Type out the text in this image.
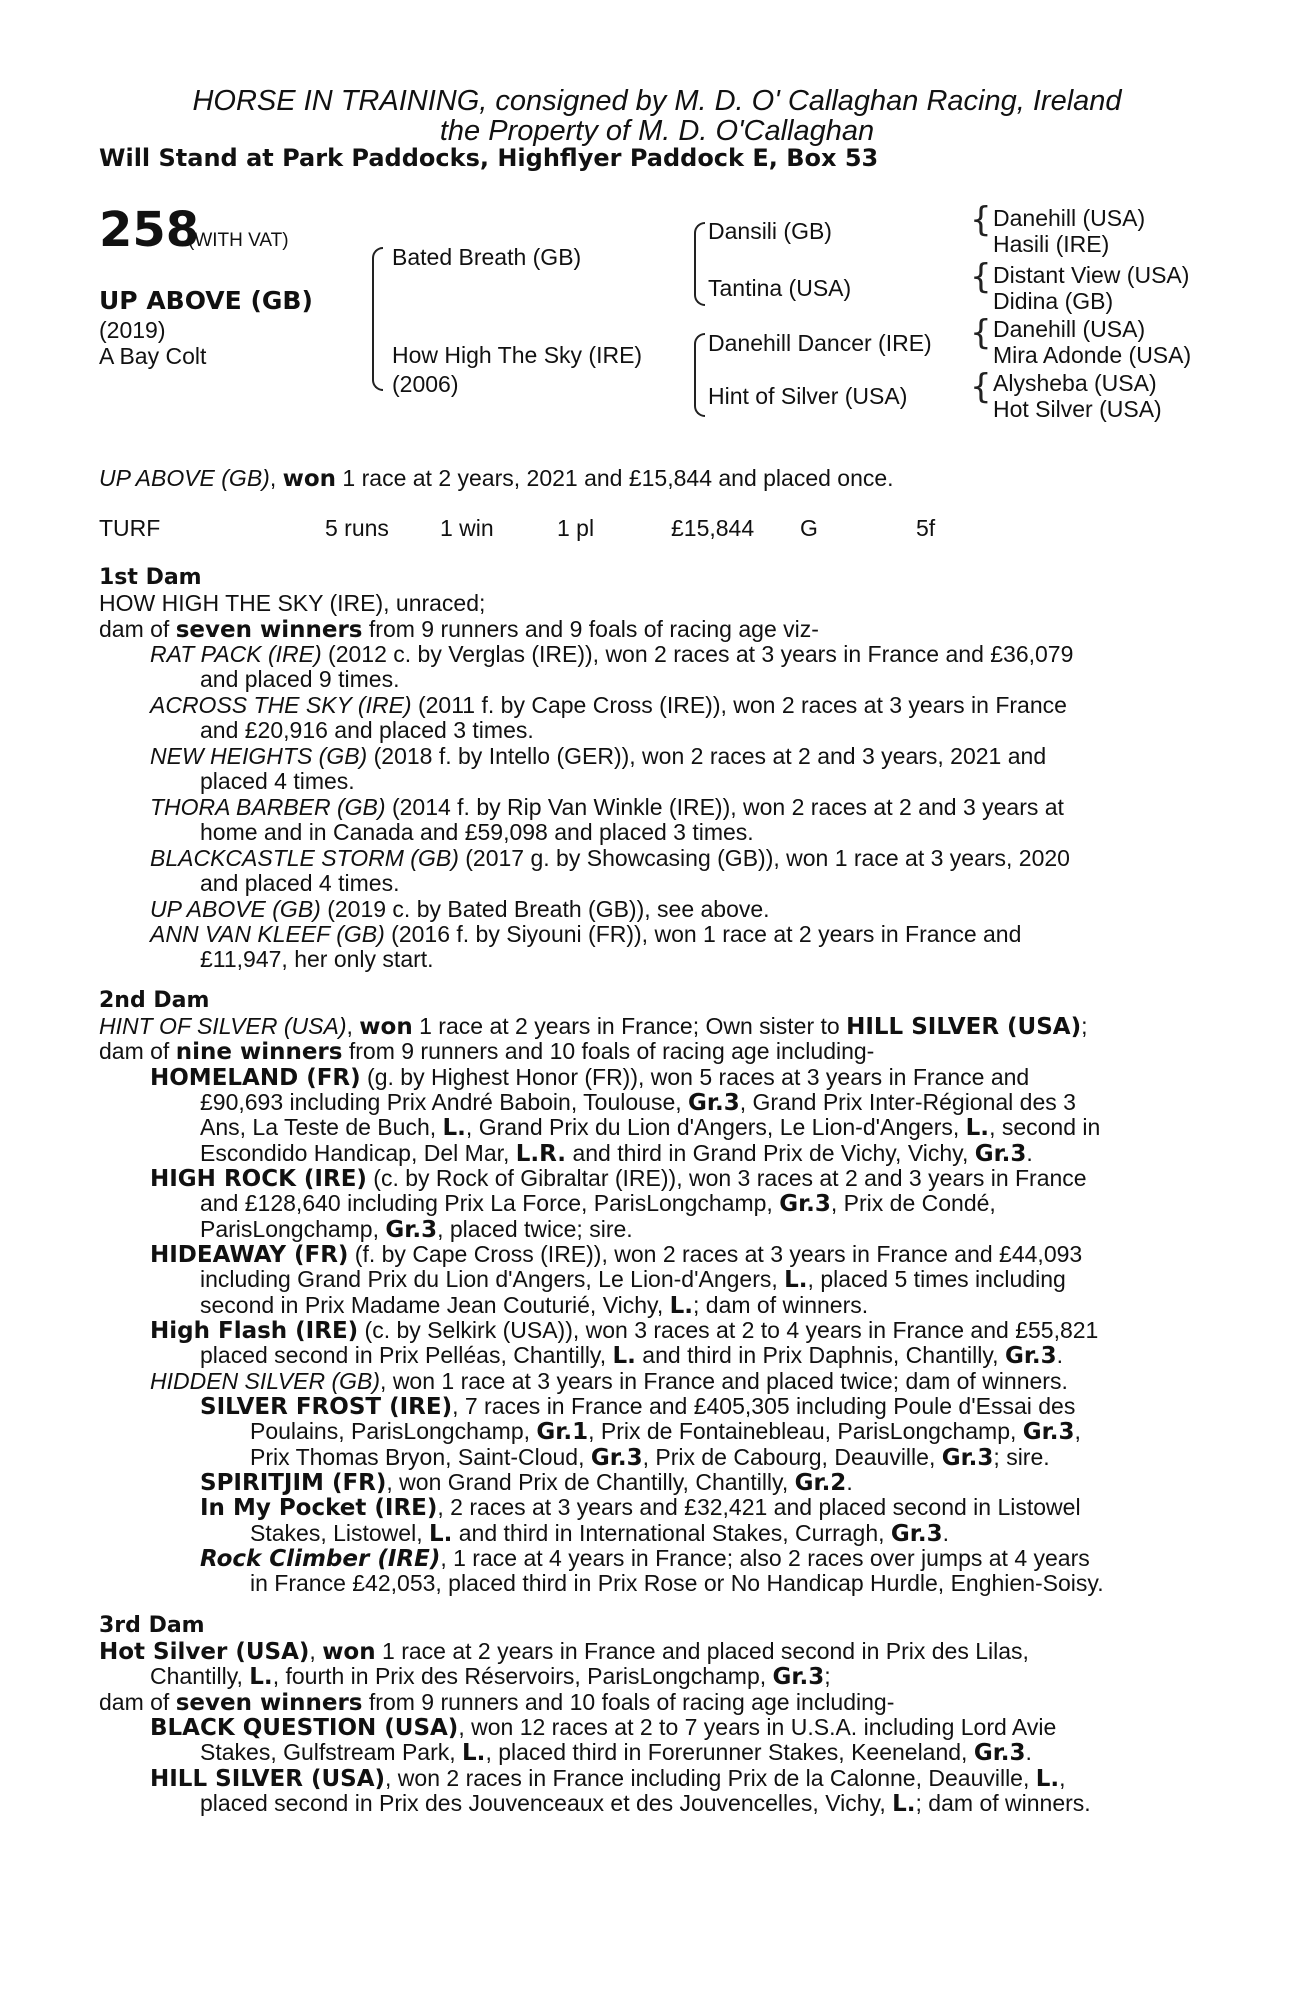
HORSE IN TRAINING, consigned by M. D. O' Callaghan Racing, Ireland
the Property of M. D. O'Callaghan
Will Stand at Park Paddocks, Highflyer Paddock E, Box 53
258
(WITH VAT)
UP ABOVE (GB)
(2019)
A Bay Colt
Bated Breath (GB)
How High The Sky (IRE)
(2006)
Dansili (GB)
Tantina (USA)
Danehill Dancer (IRE)
Hint of Silver (USA)
{ Danehill (USA)
Hasili (IRE)
{ Distant View (USA)
Didina (GB)
{ Danehill (USA)
Mira Adonde (USA)
{ Alysheba (USA)
Hot Silver (USA)
UP ABOVE (GB), won 1 race at 2 years, 2021 and £15,844 and placed once.
TURF	5 runs 1 win	1 pl	£15,844 G	5f
1st Dam
HOW HIGH THE SKY (IRE), unraced;
dam of seven winners from 9 runners and 9 foals of racing age viz-
RAT PACK (IRE) (2012 c. by Verglas (IRE)), won 2 races at 3 years in France and £36,079
and placed 9 times.
ACROSS THE SKY (IRE) (2011 f. by Cape Cross (IRE)), won 2 races at 3 years in France
and £20,916 and placed 3 times.
NEW HEIGHTS (GB) (2018 f. by Intello (GER)), won 2 races at 2 and 3 years, 2021 and
placed 4 times.
THORA BARBER (GB) (2014 f. by Rip Van Winkle (IRE)), won 2 races at 2 and 3 years at
home and in Canada and £59,098 and placed 3 times.
BLACKCASTLE STORM (GB) (2017 g. by Showcasing (GB)), won 1 race at 3 years, 2020
and placed 4 times.
UP ABOVE (GB) (2019 c. by Bated Breath (GB)), see above.
ANN VAN KLEEF (GB) (2016 f. by Siyouni (FR)), won 1 race at 2 years in France and
£11,947, her only start.
2nd Dam
HINT OF SILVER (USA), won 1 race at 2 years in France; Own sister to HILL SILVER (USA);
dam of nine winners from 9 runners and 10 foals of racing age including-
HOMELAND (FR) (g. by Highest Honor (FR)), won 5 races at 3 years in France and
£90,693 including Prix André Baboin, Toulouse, Gr.3, Grand Prix Inter-Régional des 3
Ans, La Teste de Buch, L., Grand Prix du Lion d'Angers, Le Lion-d'Angers, L., second in
Escondido Handicap, Del Mar, L.R. and third in Grand Prix de Vichy, Vichy, Gr.3.
HIGH ROCK (IRE) (c. by Rock of Gibraltar (IRE)), won 3 races at 2 and 3 years in France
and £128,640 including Prix La Force, ParisLongchamp, Gr.3, Prix de Condé,
ParisLongchamp, Gr.3, placed twice; sire.
HIDEAWAY (FR) (f. by Cape Cross (IRE)), won 2 races at 3 years in France and £44,093
including Grand Prix du Lion d'Angers, Le Lion-d'Angers, L., placed 5 times including
second in Prix Madame Jean Couturié, Vichy, L.; dam of winners.
High Flash (IRE) (c. by Selkirk (USA)), won 3 races at 2 to 4 years in France and £55,821
placed second in Prix Pelléas, Chantilly, L. and third in Prix Daphnis, Chantilly, Gr.3.
HIDDEN SILVER (GB), won 1 race at 3 years in France and placed twice; dam of winners.
SILVER FROST (IRE), 7 races in France and £405,305 including Poule d'Essai des
Poulains, ParisLongchamp, Gr.1, Prix de Fontainebleau, ParisLongchamp, Gr.3,
Prix Thomas Bryon, Saint-Cloud, Gr.3, Prix de Cabourg, Deauville, Gr.3; sire.
SPIRITJIM (FR), won Grand Prix de Chantilly, Chantilly, Gr.2.
In My Pocket (IRE), 2 races at 3 years and £32,421 and placed second in Listowel
Stakes, Listowel, L. and third in International Stakes, Curragh, Gr.3.
Rock Climber (IRE), 1 race at 4 years in France; also 2 races over jumps at 4 years
in France £42,053, placed third in Prix Rose or No Handicap Hurdle, Enghien-Soisy.
3rd Dam
Hot Silver (USA), won 1 race at 2 years in France and placed second in Prix des Lilas,
Chantilly, L., fourth in Prix des Réservoirs, ParisLongchamp, Gr.3;
dam of seven winners from 9 runners and 10 foals of racing age including-
BLACK QUESTION (USA), won 12 races at 2 to 7 years in U.S.A. including Lord Avie
Stakes, Gulfstream Park, L., placed third in Forerunner Stakes, Keeneland, Gr.3.
HILL SILVER (USA), won 2 races in France including Prix de la Calonne, Deauville, L.,
placed second in Prix des Jouvenceaux et des Jouvencelles, Vichy, L.; dam of winners.
